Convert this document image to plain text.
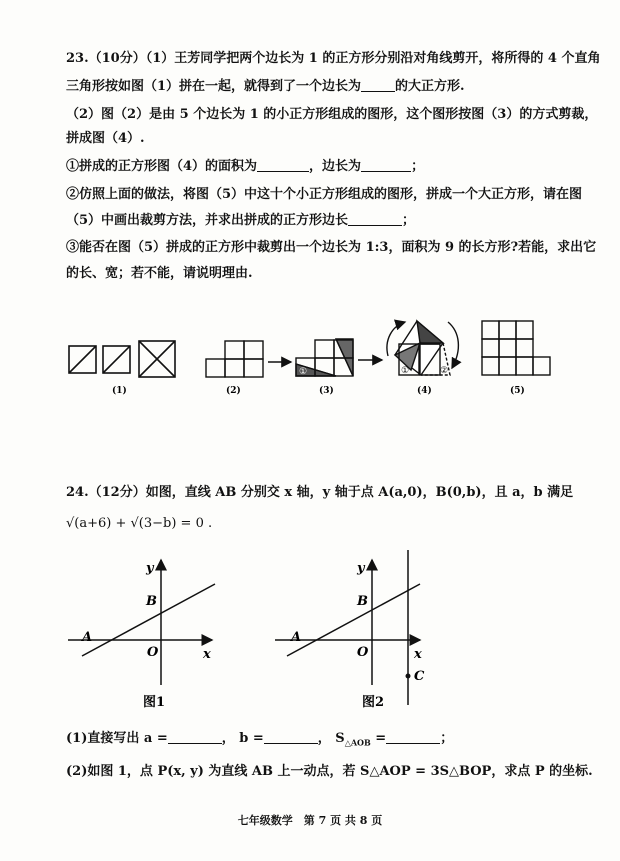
23.（10分）（1）王芳同学把两个边长为 1 的正方形分别沿对角线剪开，将所得的 4 个直角
三角形按如图（1）拼在一起，就得到了一个边长为	的大正方形.
（2）图（2）是由 5 个边长为 1 的小正方形组成的图形，这个图形按图（3）的方式剪裁，
拼成图（4）.
①拼成的正方形图（4）的面积为	，边长为	；
②仿照上面的做法，将图（5）中这十个小正方形组成的图形，拼成一个大正方形，请在图
（5）中画出裁剪方法，并求出拼成的正方形边长	；
③能否在图（5）拼成的正方形中裁剪出一个边长为 1:3，面积为 9 的长方形?若能，求出它
的长、宽；若不能，请说明理由.
①	②	①	②
(1)	(2)	(3)	(4)	(5)
24.（12分）如图，直线 AB 分别交 x 轴，y 轴于点 A(a,0)，B(0,b)，且 a，b 满足
√(a+6) + √(3−b) = 0 .
y
x
B
A
O
图1
y
x
B
A
O
C
图2
(1)直接写出 a =	， b =	， $S_{\triangle AOB}$ =	；
(2)如图 1，点 P(x, y) 为直线 AB 上一动点，若 S△AOP = 3S△BOP，求点 P 的坐标.
七年级数学　第 7 页 共 8 页
